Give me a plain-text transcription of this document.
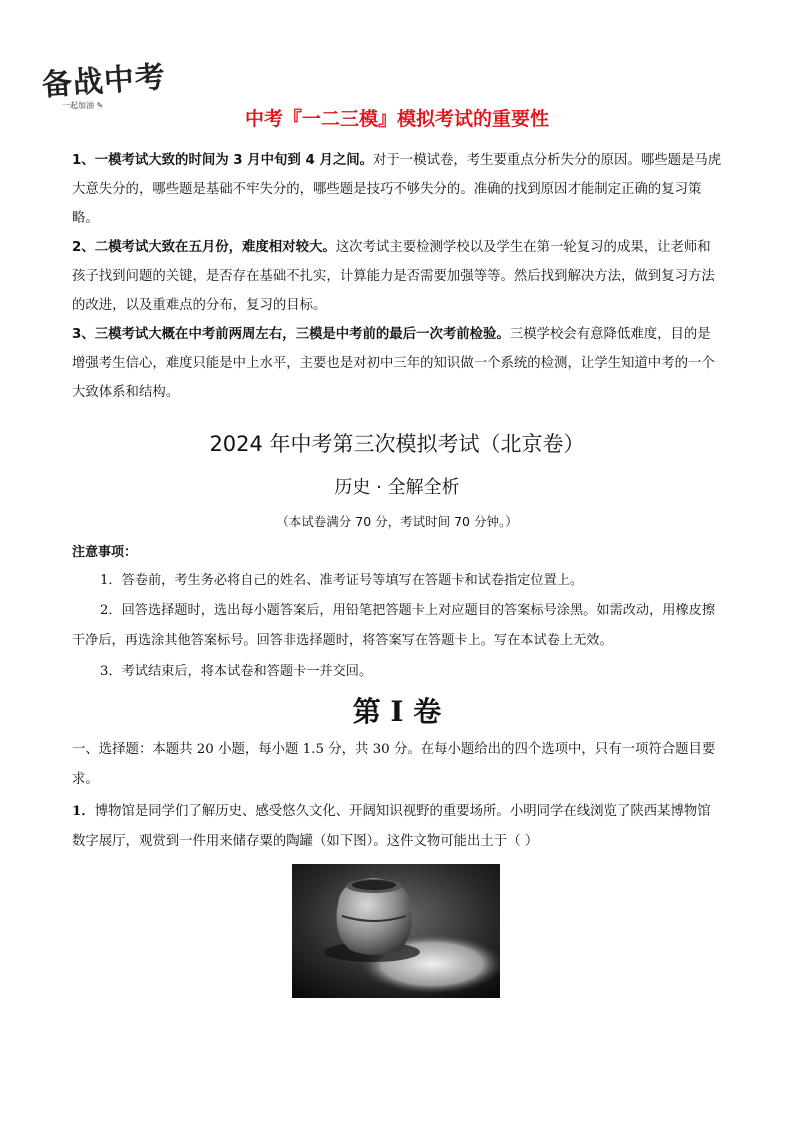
备战中考
一起加油 ✎
中考『一二三模』模拟考试的重要性

1、一模考试大致的时间为 3 月中旬到 4 月之间。对于一模试卷，考生要重点分析失分的原因。哪些题是马虎大意失分的，哪些题是基础不牢失分的，哪些题是技巧不够失分的。准确的找到原因才能制定正确的复习策略。

2、二模考试大致在五月份，难度相对较大。这次考试主要检测学校以及学生在第一轮复习的成果，让老师和孩子找到问题的关键，是否存在基础不扎实，计算能力是否需要加强等等。然后找到解决方法，做到复习方法的改进，以及重难点的分布，复习的目标。

3、三模考试大概在中考前两周左右，三模是中考前的最后一次考前检验。三模学校会有意降低难度，目的是增强考生信心，难度只能是中上水平，主要也是对初中三年的知识做一个系统的检测，让学生知道中考的一个大致体系和结构。

2024 年中考第三次模拟考试（北京卷）
历史 · 全解全析
（本试卷满分 70 分，考试时间 70 分钟。）
注意事项：

1．答卷前，考生务必将自己的姓名、准考证号等填写在答题卡和试卷指定位置上。

2．回答选择题时，选出每小题答案后，用铅笔把答题卡上对应题目的答案标号涂黑。如需改动，用橡皮擦干净后，再选涂其他答案标号。回答非选择题时，将答案写在答题卡上。写在本试卷上无效。

3．考试结束后，将本试卷和答题卡一并交回。

第 I 卷

一、选择题：本题共 20 小题，每小题 1.5 分，共 30 分。在每小题给出的四个选项中，只有一项符合题目要求。

1．博物馆是同学们了解历史、感受悠久文化、开阔知识视野的重要场所。小明同学在线浏览了陕西某博物馆数字展厅，观赏到一件用来储存粟的陶罐（如下图）。这件文物可能出土于（ ）
